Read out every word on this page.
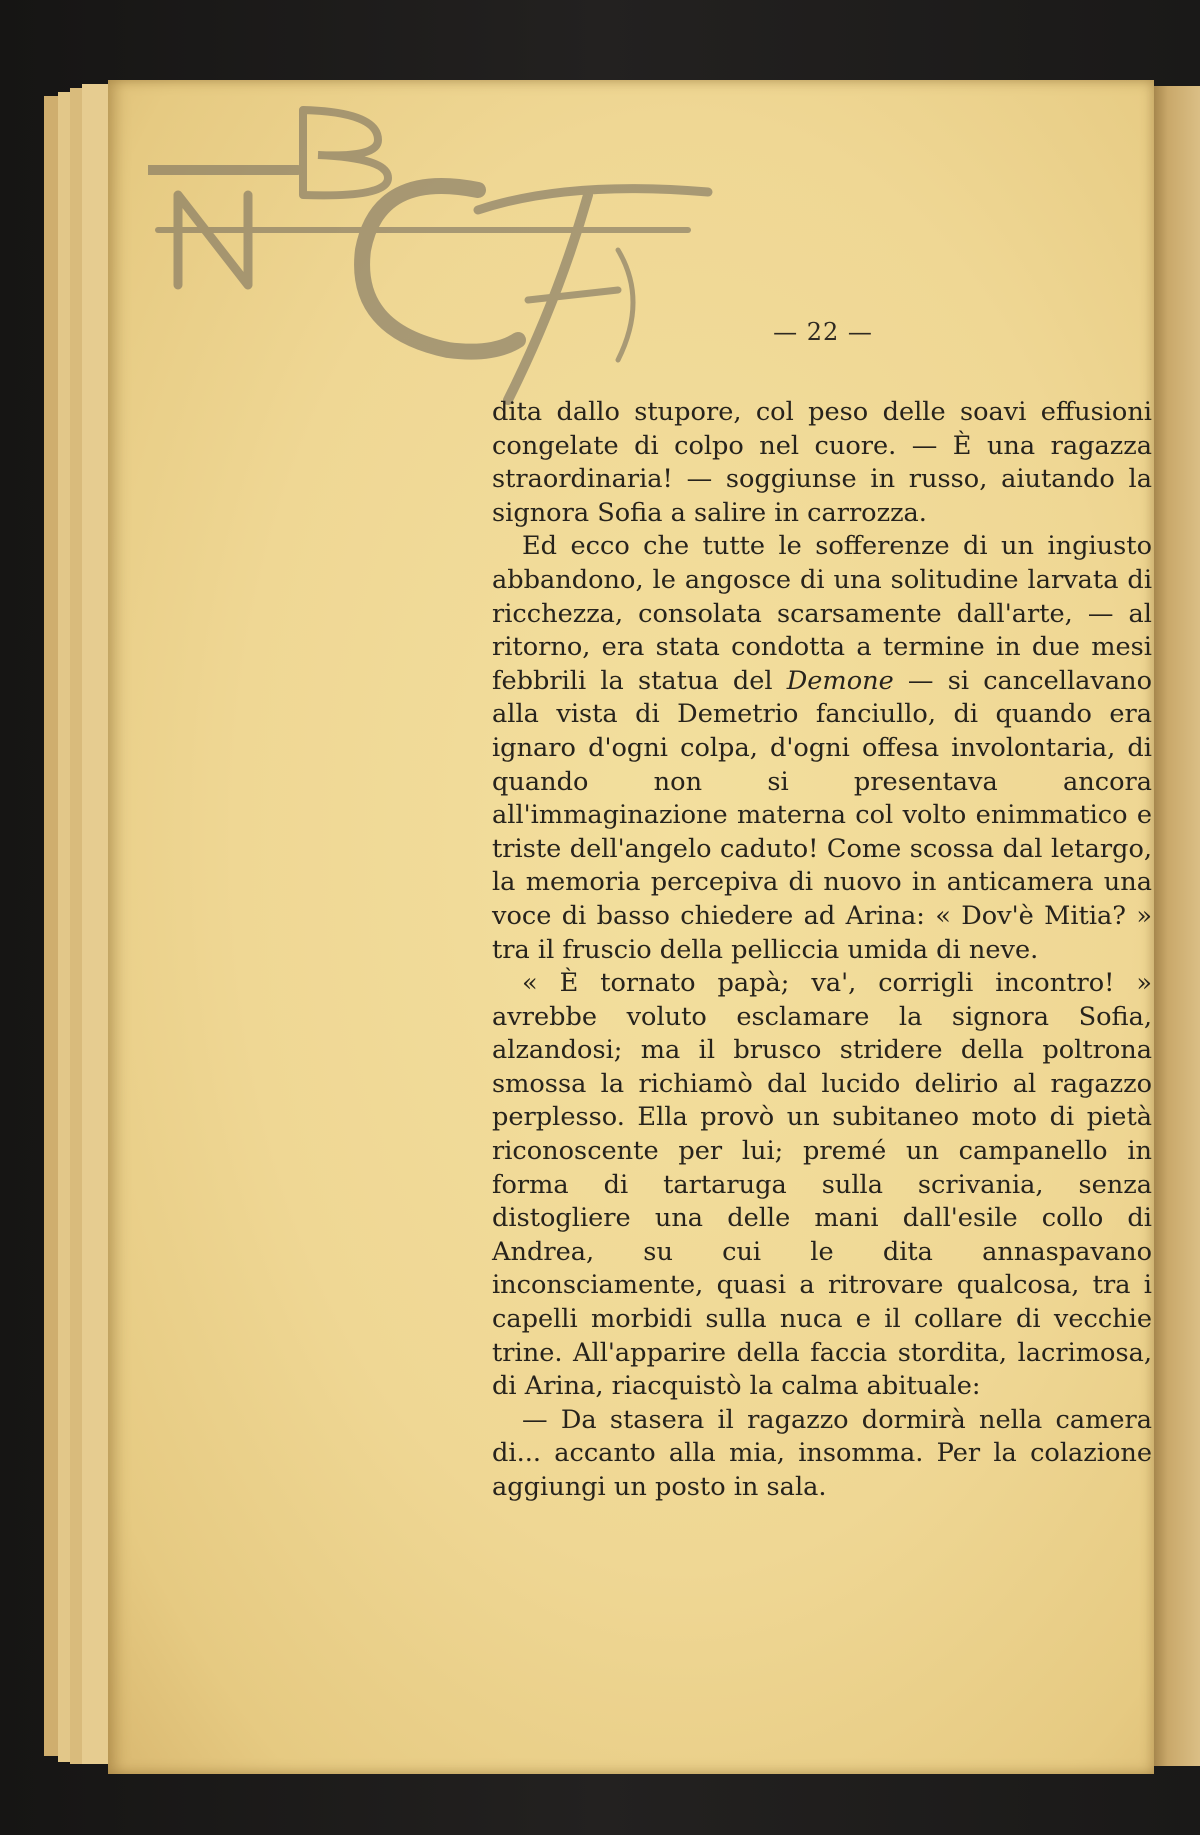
— 22 —

dita dallo stupore, col peso delle soavi effusioni congelate di colpo nel cuore. — È una ragazza straordinaria! — soggiunse in russo, aiutando la signora Sofia a salire in carrozza.

Ed ecco che tutte le sofferenze di un ingiusto abbandono, le angosce di una solitudine larvata di ricchezza, consolata scarsamente dall'arte, — al ritorno, era stata condotta a termine in due mesi febbrili la statua del Demone — si cancellavano alla vista di Demetrio fanciullo, di quando era ignaro d'ogni colpa, d'ogni offesa involontaria, di quando non si presentava ancora all'immaginazione materna col volto enimmatico e triste dell'angelo caduto! Come scossa dal letargo, la memoria percepiva di nuovo in anticamera una voce di basso chiedere ad Arina: « Dov'è Mitia? » tra il fruscio della pelliccia umida di neve.

« È tornato papà; va', corrigli incontro! » avrebbe voluto esclamare la signora Sofia, alzandosi; ma il brusco stridere della poltrona smossa la richiamò dal lucido delirio al ragazzo perplesso. Ella provò un subitaneo moto di pietà riconoscente per lui; premé un campanello in forma di tartaruga sulla scrivania, senza distogliere una delle mani dall'esile collo di Andrea, su cui le dita annaspavano inconsciamente, quasi a ritrovare qualcosa, tra i capelli morbidi sulla nuca e il collare di vecchie trine. All'apparire della faccia stordita, lacrimosa, di Arina, riacquistò la calma abituale:

— Da stasera il ragazzo dormirà nella camera di... accanto alla mia, insomma. Per la colazione aggiungi un posto in sala.
